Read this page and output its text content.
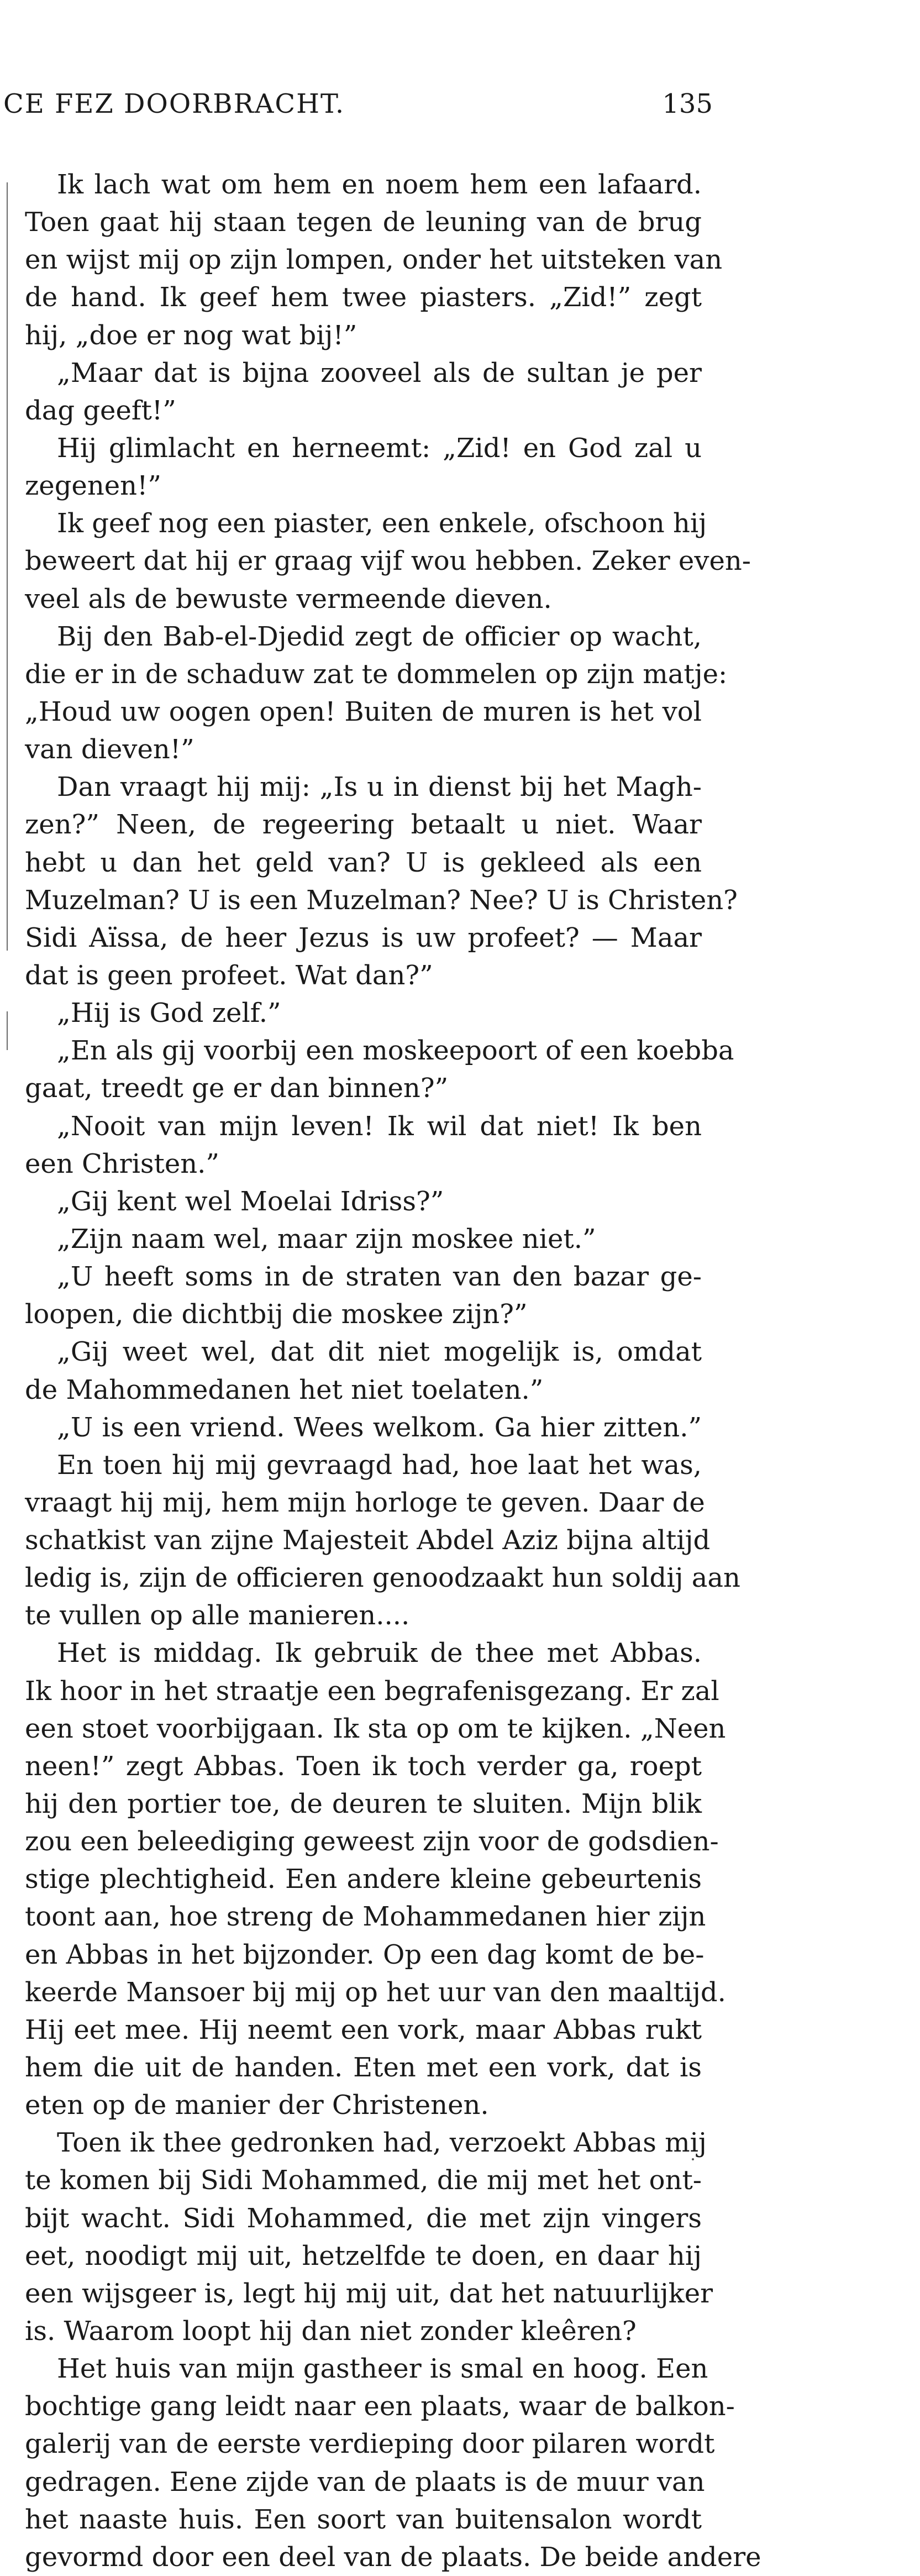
CE FEZ DOORBRACHT.	135
Ik lach wat om hem en noem hem een lafaard.
Toen gaat hij staan tegen de leuning van de brug
en wijst mij op zijn lompen, onder het uitsteken van
de hand. Ik geef hem twee piasters. „Zid!” zegt
hij, „doe er nog wat bij!”
„Maar dat is bijna zooveel als de sultan je per
dag geeft!”
Hij glimlacht en herneemt: „Zid! en God zal u
zegenen!”
Ik geef nog een piaster, een enkele, ofschoon hij
beweert dat hij er graag vijf wou hebben. Zeker even-
veel als de bewuste vermeende dieven.
Bij den Bab-el-Djedid zegt de officier op wacht,
die er in de schaduw zat te dommelen op zijn matje:
„Houd uw oogen open! Buiten de muren is het vol
van dieven!”
Dan vraagt hij mij: „Is u in dienst bij het Magh-
zen?” Neen, de regeering betaalt u niet. Waar
hebt u dan het geld van? U is gekleed als een
Muzelman? U is een Muzelman? Nee? U is Christen?
Sidi Aïssa, de heer Jezus is uw profeet? — Maar
dat is geen profeet. Wat dan?”
„Hij is God zelf.”
„En als gij voorbij een moskeepoort of een koebba
gaat, treedt ge er dan binnen?”
„Nooit van mijn leven! Ik wil dat niet! Ik ben
een Christen.”
„Gij kent wel Moelai Idriss?”
„Zijn naam wel, maar zijn moskee niet.”
„U heeft soms in de straten van den bazar ge-
loopen, die dichtbij die moskee zijn?”
„Gij weet wel, dat dit niet mogelijk is, omdat
de Mahommedanen het niet toelaten.”
„U is een vriend. Wees welkom. Ga hier zitten.”
En toen hij mij gevraagd had, hoe laat het was,
vraagt hij mij, hem mijn horloge te geven. Daar de
schatkist van zijne Majesteit Abdel Aziz bijna altijd
ledig is, zijn de officieren genoodzaakt hun soldij aan
te vullen op alle manieren....
Het is middag. Ik gebruik de thee met Abbas.
Ik hoor in het straatje een begrafenisgezang. Er zal
een stoet voorbijgaan. Ik sta op om te kijken. „Neen
neen!” zegt Abbas. Toen ik toch verder ga, roept
hij den portier toe, de deuren te sluiten. Mijn blik
zou een beleediging geweest zijn voor de godsdien-
stige plechtigheid. Een andere kleine gebeurtenis
toont aan, hoe streng de Mohammedanen hier zijn
en Abbas in het bijzonder. Op een dag komt de be-
keerde Mansoer bij mij op het uur van den maaltijd.
Hij eet mee. Hij neemt een vork, maar Abbas rukt
hem die uit de handen. Eten met een vork, dat is
eten op de manier der Christenen.
Toen ik thee gedronken had, verzoekt Abbas mij
te komen bij Sidi Mohammed, die mij met het ont-
bijt wacht. Sidi Mohammed, die met zijn vingers
eet, noodigt mij uit, hetzelfde te doen, en daar hij
een wijsgeer is, legt hij mij uit, dat het natuurlijker
is. Waarom loopt hij dan niet zonder kleêren?
Het huis van mijn gastheer is smal en hoog. Een
bochtige gang leidt naar een plaats, waar de balkon-
galerij van de eerste verdieping door pilaren wordt
gedragen. Eene zijde van de plaats is de muur van
het naaste huis. Een soort van buitensalon wordt
gevormd door een deel van de plaats. De beide andere
